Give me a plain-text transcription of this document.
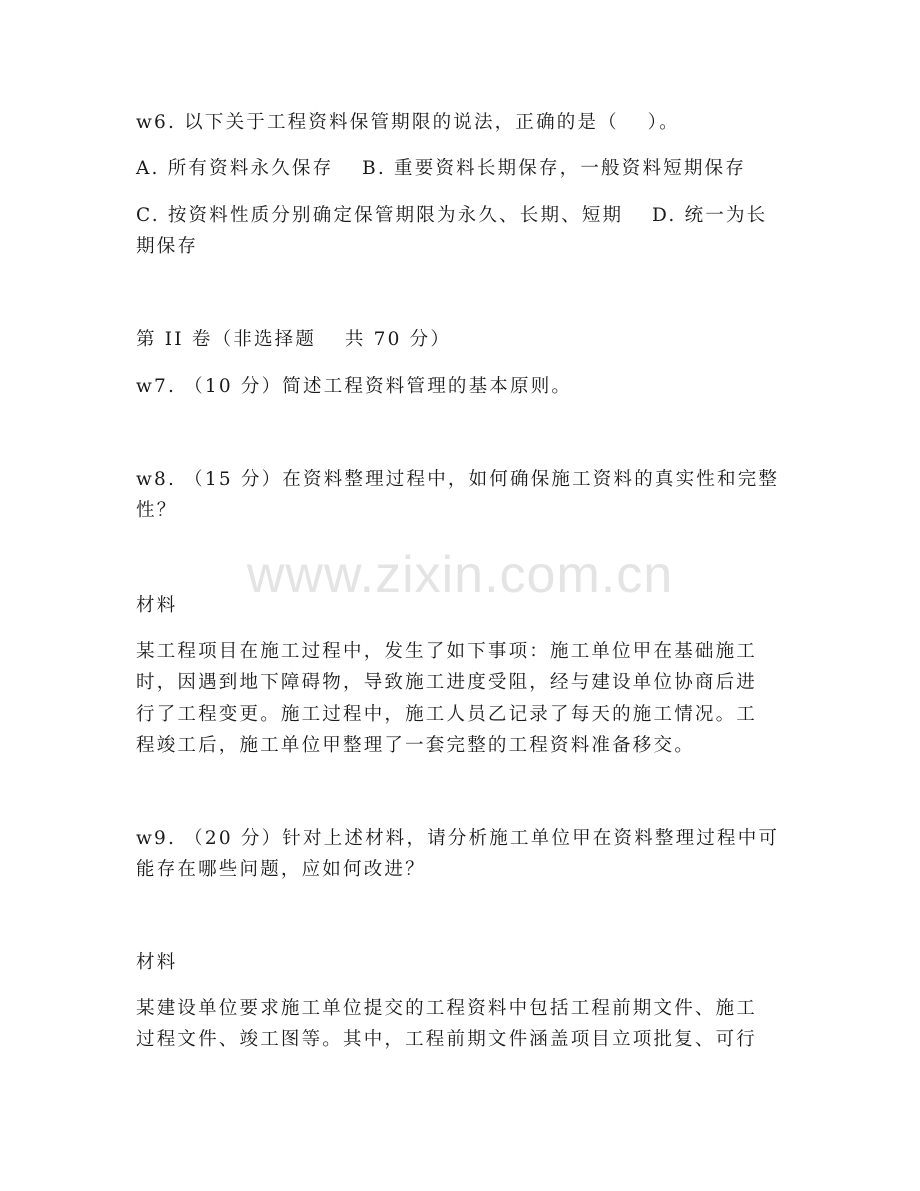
www.zixin.com.cn
w6. 以下关于工程资料保管期限的说法，正确的是（　 ）。
A. 所有资料永久保存　 B. 重要资料长期保存，一般资料短期保存
C. 按资料性质分别确定保管期限为永久、长期、短期　 D. 统一为长
期保存
第 II 卷（非选择题　 共 70 分）
w7. （10 分）简述工程资料管理的基本原则。
w8. （15 分）在资料整理过程中，如何确保施工资料的真实性和完整
性？
材料
某工程项目在施工过程中，发生了如下事项：施工单位甲在基础施工
时，因遇到地下障碍物，导致施工进度受阻，经与建设单位协商后进
行了工程变更。施工过程中，施工人员乙记录了每天的施工情况。工
程竣工后，施工单位甲整理了一套完整的工程资料准备移交。
w9. （20 分）针对上述材料，请分析施工单位甲在资料整理过程中可
能存在哪些问题，应如何改进？
材料
某建设单位要求施工单位提交的工程资料中包括工程前期文件、施工
过程文件、竣工图等。其中，工程前期文件涵盖项目立项批复、可行
